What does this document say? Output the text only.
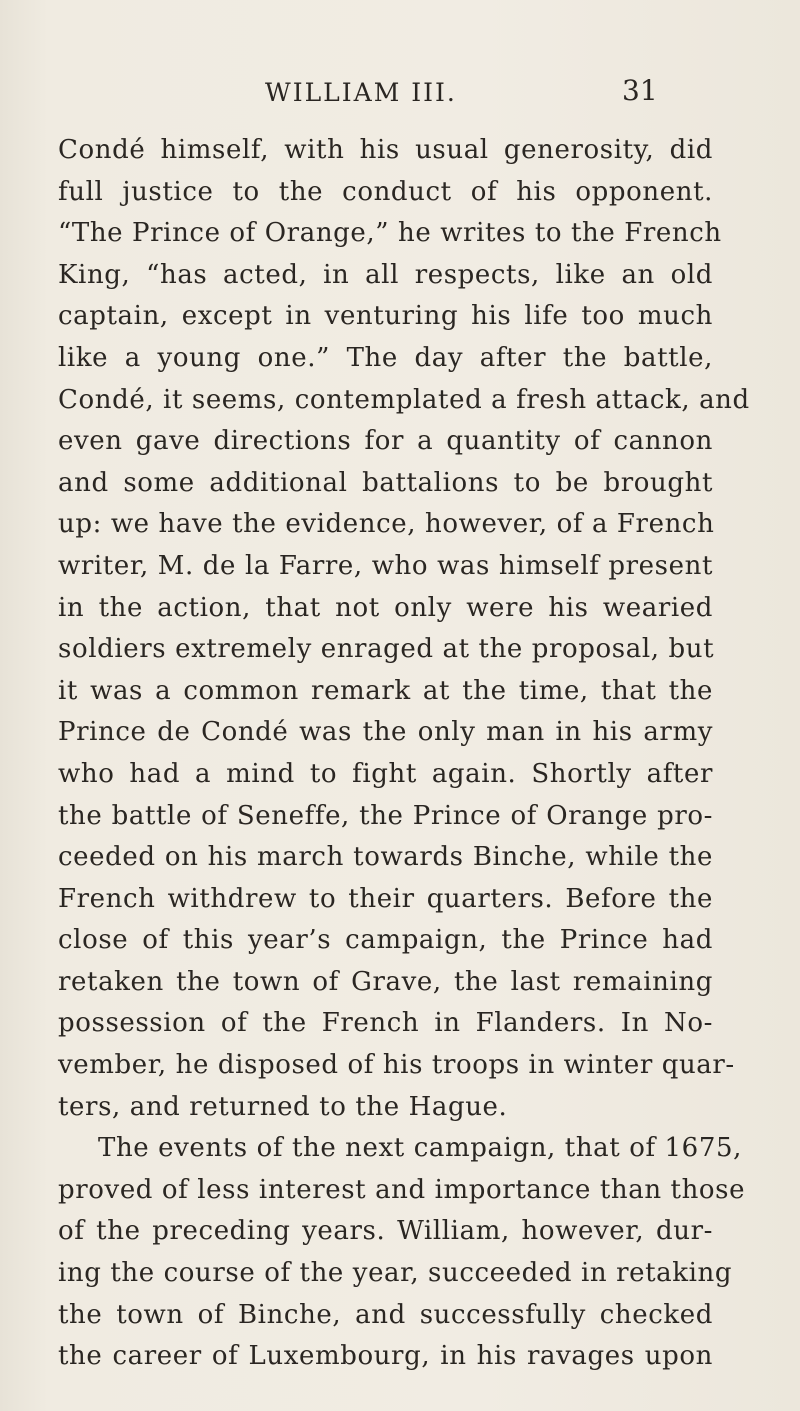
WILLIAM III.	31
Condé himself, with his usual generosity, did
full justice to the conduct of his opponent.
“The Prince of Orange,” he writes to the French
King, “has acted, in all respects, like an old
captain, except in venturing his life too much
like a young one.” The day after the battle,
Condé, it seems, contemplated a fresh attack, and
even gave directions for a quantity of cannon
and some additional battalions to be brought
up: we have the evidence, however, of a French
writer, M. de la Farre, who was himself present
in the action, that not only were his wearied
soldiers extremely enraged at the proposal, but
it was a common remark at the time, that the
Prince de Condé was the only man in his army
who had a mind to fight again. Shortly after
the battle of Seneffe, the Prince of Orange pro-
ceeded on his march towards Binche, while the
French withdrew to their quarters. Before the
close of this year’s campaign, the Prince had
retaken the town of Grave, the last remaining
possession of the French in Flanders. In No-
vember, he disposed of his troops in winter quar-
ters, and returned to the Hague.
The events of the next campaign, that of 1675,
proved of less interest and importance than those
of the preceding years. William, however, dur-
ing the course of the year, succeeded in retaking
the town of Binche, and successfully checked
the career of Luxembourg, in his ravages upon
